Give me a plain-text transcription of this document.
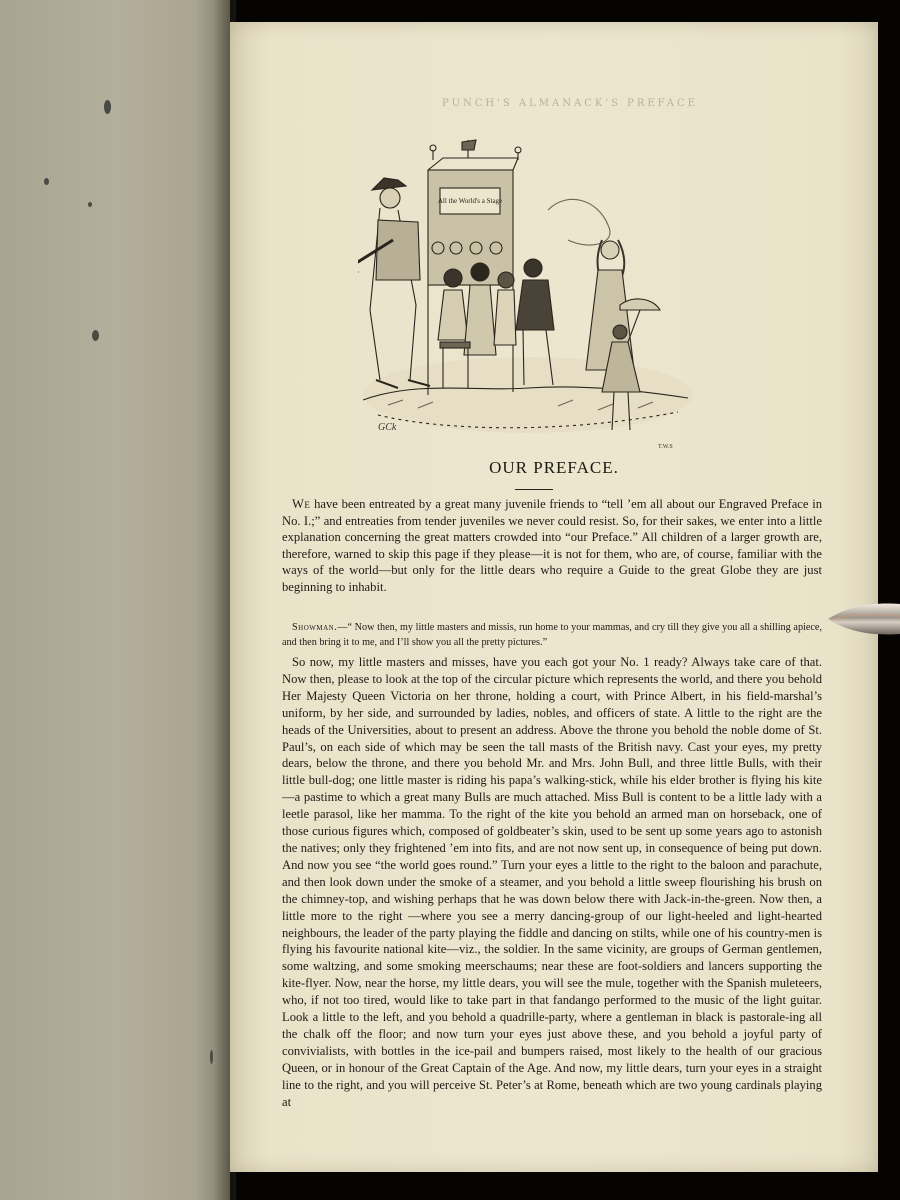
PUNCH'S ALMANACK'S PREFACE
All the World's a Stage
GCk
T.W.S
OUR PREFACE.

We have been entreated by a great many juvenile friends to “tell ’em all about our Engraved Preface in No. I.;” and entreaties from tender juveniles we never could resist. So, for their sakes, we enter into a little explanation concerning the great matters crowded into “our Preface.” All children of a larger growth are, therefore, warned to skip this page if they please—it is not for them, who are, of course, familiar with the ways of the world—but only for the little dears who require a Guide to the great Globe they are just beginning to inhabit.

Showman.—“ Now then, my little masters and missis, run home to your mammas, and cry till they give you all a shilling apiece, and then bring it to me, and I’ll show you all the pretty pictures.”

So now, my little masters and misses, have you each got your No. 1 ready? Always take care of that. Now then, please to look at the top of the circular picture which represents the world, and there you behold Her Majesty Queen Victoria on her throne, holding a court, with Prince Albert, in his field-marshal’s uniform, by her side, and surrounded by ladies, nobles, and officers of state. A little to the right are the heads of the Universities, about to present an address. Above the throne you behold the noble dome of St. Paul’s, on each side of which may be seen the tall masts of the British navy. Cast your eyes, my pretty dears, below the throne, and there you behold Mr. and Mrs. John Bull, and three little Bulls, with their little bull-dog; one little master is riding his papa’s walking-stick, while his elder brother is flying his kite—a pastime to which a great many Bulls are much attached. Miss Bull is content to be a little lady with a leetle parasol, like her mamma. To the right of the kite you behold an armed man on horseback, one of those curious figures which, composed of goldbeater’s skin, used to be sent up some years ago to astonish the natives; only they frightened ’em into fits, and are not now sent up, in consequence of being put down. And now you see “the world goes round.” Turn your eyes a little to the right to the baloon and parachute, and then look down under the smoke of a steamer, and you behold a little sweep flourishing his brush on the chimney-top, and wishing perhaps that he was down below there with Jack-in-the-green. Now then, a little more to the right —where you see a merry dancing-group of our light-heeled and light-hearted neighbours, the leader of the party playing the fiddle and dancing on stilts, while one of his country-men is flying his favourite national kite—viz., the soldier. In the same vicinity, are groups of German gentlemen, some waltzing, and some smoking meerschaums; near these are foot-soldiers and lancers supporting the kite-flyer. Now, near the horse, my little dears, you will see the mule, together with the Spanish muleteers, who, if not too tired, would like to take part in that fandango performed to the music of the light guitar. Look a little to the left, and you behold a quadrille-party, where a gentleman in black is pastorale-ing all the chalk off the floor; and now turn your eyes just above these, and you behold a joyful party of convivialists, with bottles in the ice-pail and bumpers raised, most likely to the health of our gracious Queen, or in honour of the Great Captain of the Age. And now, my little dears, turn your eyes in a straight line to the right, and you will perceive St. Peter’s at Rome, beneath which are two young cardinals playing at
